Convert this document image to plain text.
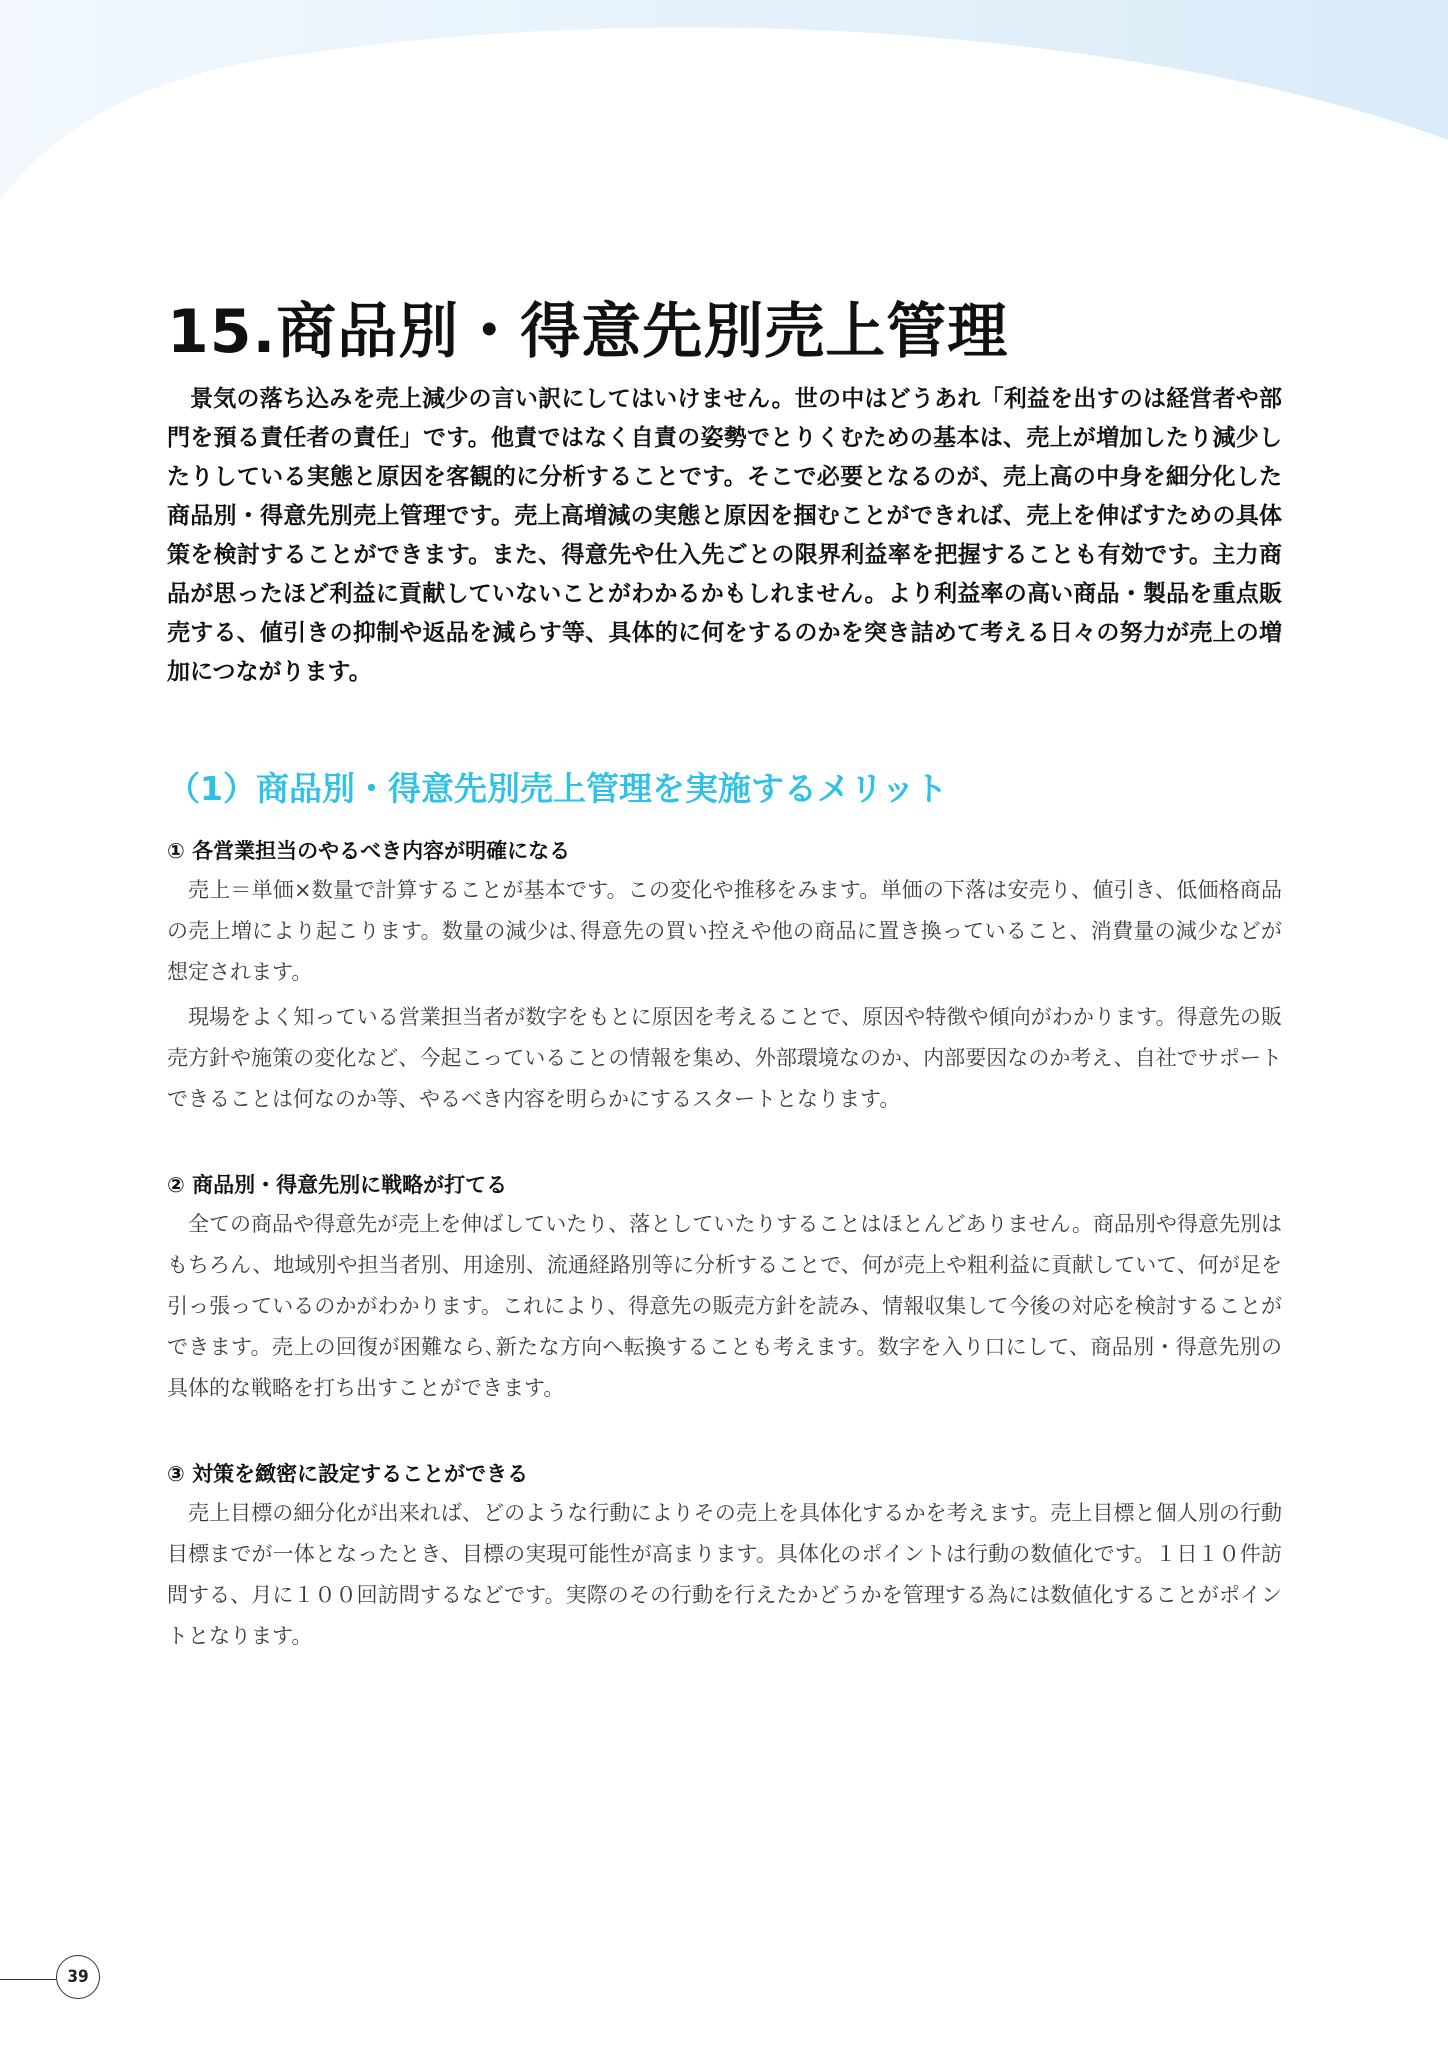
15.商品別・得意先別売上管理

景気の落ち込みを売上減少の言い訳にしてはいけません。世の中はどうあれ「利益を出すのは経営者や部門を預る責任者の責任」です。他責ではなく自責の姿勢でとりくむための基本は、売上が増加したり減少したりしている実態と原因を客観的に分析することです。そこで必要となるのが、売上高の中身を細分化した商品別・得意先別売上管理です。売上高増減の実態と原因を掴むことができれば、売上を伸ばすための具体策を検討することができます。また、得意先や仕入先ごとの限界利益率を把握することも有効です。主力商品が思ったほど利益に貢献していないことがわかるかもしれません。より利益率の高い商品・製品を重点販売する、値引きの抑制や返品を減らす等、具体的に何をするのかを突き詰めて考える日々の努力が売上の増加につながります。

（1）商品別・得意先別売上管理を実施するメリット
① 各営業担当のやるべき内容が明確になる

売上＝単価×数量で計算することが基本です。この変化や推移をみます。単価の下落は安売り、値引き、低価格商品の売上増により起こります。数量の減少は､得意先の買い控えや他の商品に置き換っていること、消費量の減少などが想定されます。

現場をよく知っている営業担当者が数字をもとに原因を考えることで、原因や特徴や傾向がわかります。得意先の販売方針や施策の変化など、今起こっていることの情報を集め、外部環境なのか、内部要因なのか考え、自社でサポートできることは何なのか等、やるべき内容を明らかにするスタートとなります。

② 商品別・得意先別に戦略が打てる

全ての商品や得意先が売上を伸ばしていたり、落としていたりすることはほとんどありません。商品別や得意先別はもちろん、地域別や担当者別、用途別、流通経路別等に分析することで、何が売上や粗利益に貢献していて、何が足を引っ張っているのかがわかります。これにより、得意先の販売方針を読み、情報収集して今後の対応を検討することができます。売上の回復が困難なら､新たな方向へ転換することも考えます。数字を入り口にして、商品別・得意先別の具体的な戦略を打ち出すことができます。

③ 対策を緻密に設定することができる

売上目標の細分化が出来れば、どのような行動によりその売上を具体化するかを考えます。売上目標と個人別の行動目標までが一体となったとき、目標の実現可能性が高まります。具体化のポイントは行動の数値化です。１日１０件訪問する、月に１００回訪問するなどです。実際のその行動を行えたかどうかを管理する為には数値化することがポイントとなります。

39
